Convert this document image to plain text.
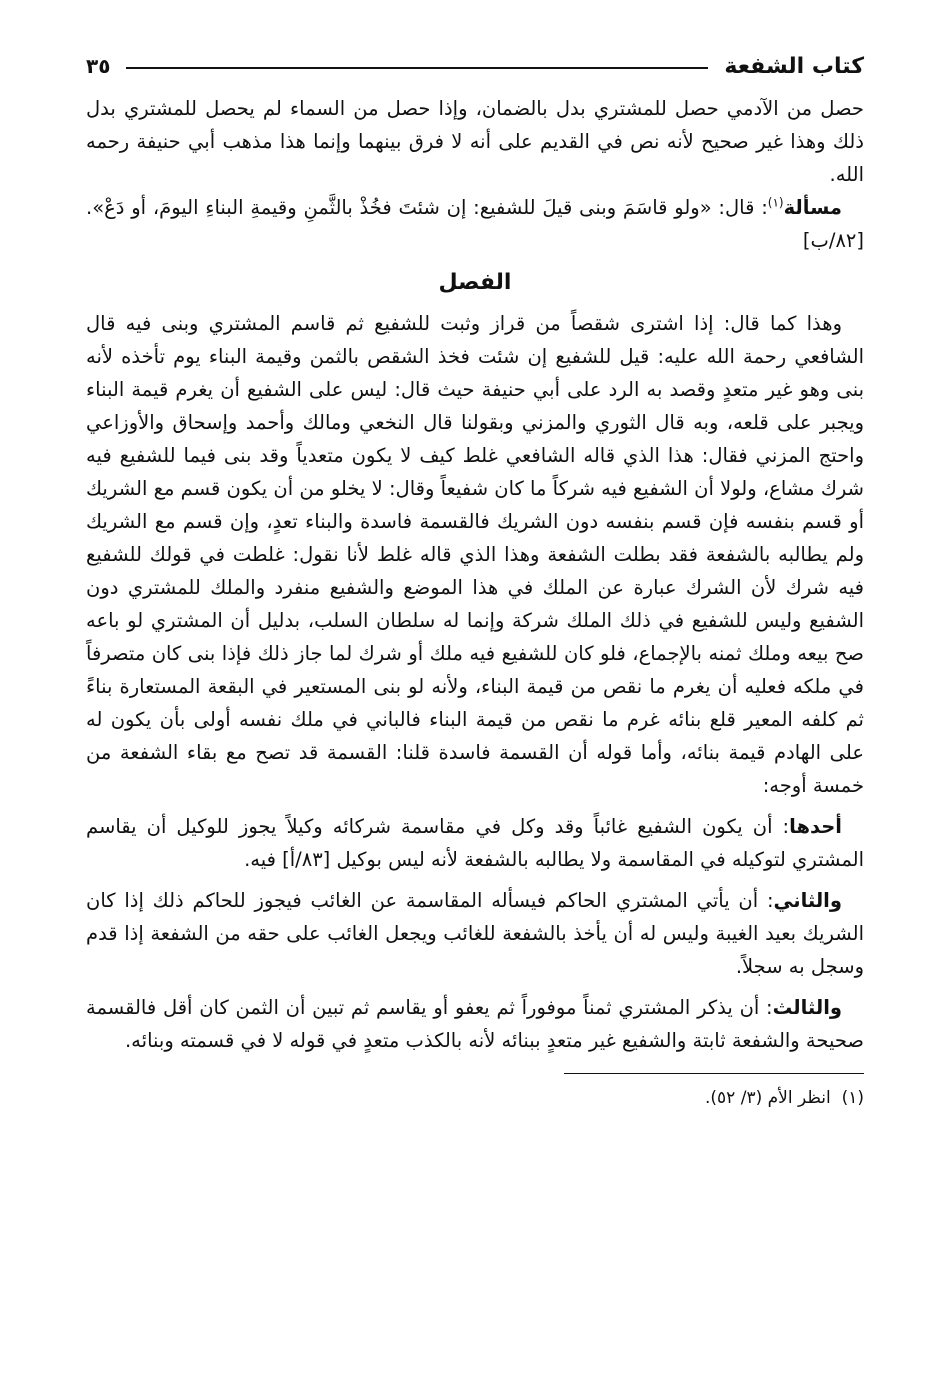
كتاب الشفعة
٣٥

حصل من الآدمي حصل للمشتري بدل بالضمان، وإذا حصل من السماء لم يحصل للمشتري بدل ذلك وهذا غير صحيح لأنه نص في القديم على أنه لا فرق بينهما وإنما هذا مذهب أبي حنيفة رحمه الله.

مسألة$^{(١)}$: قال: «ولو قاسَمَ وبنى قيلَ للشفيع: إن شئتَ فخُذْ بالثَّمنِ وقيمةِ البناءِ اليومَ، أو دَعْ». [٨٢/ب]

الفصل

وهذا كما قال: إذا اشترى شقصاً من قراز وثبت للشفيع ثم قاسم المشتري وبنى فيه قال الشافعي رحمة الله عليه: قيل للشفيع إن شئت فخذ الشقص بالثمن وقيمة البناء يوم تأخذه لأنه بنى وهو غير متعدٍ وقصد به الرد على أبي حنيفة حيث قال: ليس على الشفيع أن يغرم قيمة البناء ويجبر على قلعه، وبه قال الثوري والمزني وبقولنا قال النخعي ومالك وأحمد وإسحاق والأوزاعي واحتج المزني فقال: هذا الذي قاله الشافعي غلط كيف لا يكون متعدياً وقد بنى فيما للشفيع فيه شرك مشاع، ولولا أن الشفيع فيه شركاً ما كان شفيعاً وقال: لا يخلو من أن يكون قسم مع الشريك أو قسم بنفسه فإن قسم بنفسه دون الشريك فالقسمة فاسدة والبناء تعدٍ، وإن قسم مع الشريك ولم يطالبه بالشفعة فقد بطلت الشفعة وهذا الذي قاله غلط لأنا نقول: غلطت في قولك للشفيع فيه شرك لأن الشرك عبارة عن الملك في هذا الموضع والشفيع منفرد والملك للمشتري دون الشفيع وليس للشفيع في ذلك الملك شركة وإنما له سلطان السلب، بدليل أن المشتري لو باعه صح بيعه وملك ثمنه بالإجماع، فلو كان للشفيع فيه ملك أو شرك لما جاز ذلك فإذا بنى كان متصرفاً في ملكه فعليه أن يغرم ما نقص من قيمة البناء، ولأنه لو بنى المستعير في البقعة المستعارة بناءً ثم كلفه المعير قلع بنائه غرم ما نقص من قيمة البناء فالباني في ملك نفسه أولى بأن يكون له على الهادم قيمة بنائه، وأما قوله أن القسمة فاسدة قلنا: القسمة قد تصح مع بقاء الشفعة من خمسة أوجه:

أحدها: أن يكون الشفيع غائباً وقد وكل في مقاسمة شركائه وكيلاً يجوز للوكيل أن يقاسم المشتري لتوكيله في المقاسمة ولا يطالبه بالشفعة لأنه ليس بوكيل [٨٣/أ] فيه.

والثاني: أن يأتي المشتري الحاكم فيسأله المقاسمة عن الغائب فيجوز للحاكم ذلك إذا كان الشريك بعيد الغيبة وليس له أن يأخذ بالشفعة للغائب ويجعل الغائب على حقه من الشفعة إذا قدم وسجل به سجلاً.

والثالث: أن يذكر المشتري ثمناً موفوراً ثم يعفو أو يقاسم ثم تبين أن الثمن كان أقل فالقسمة صحيحة والشفعة ثابتة والشفيع غير متعدٍ ببنائه لأنه بالكذب متعدٍ في قوله لا في قسمته وبنائه.

(١)  انظر الأم (٣/ ٥٢).
